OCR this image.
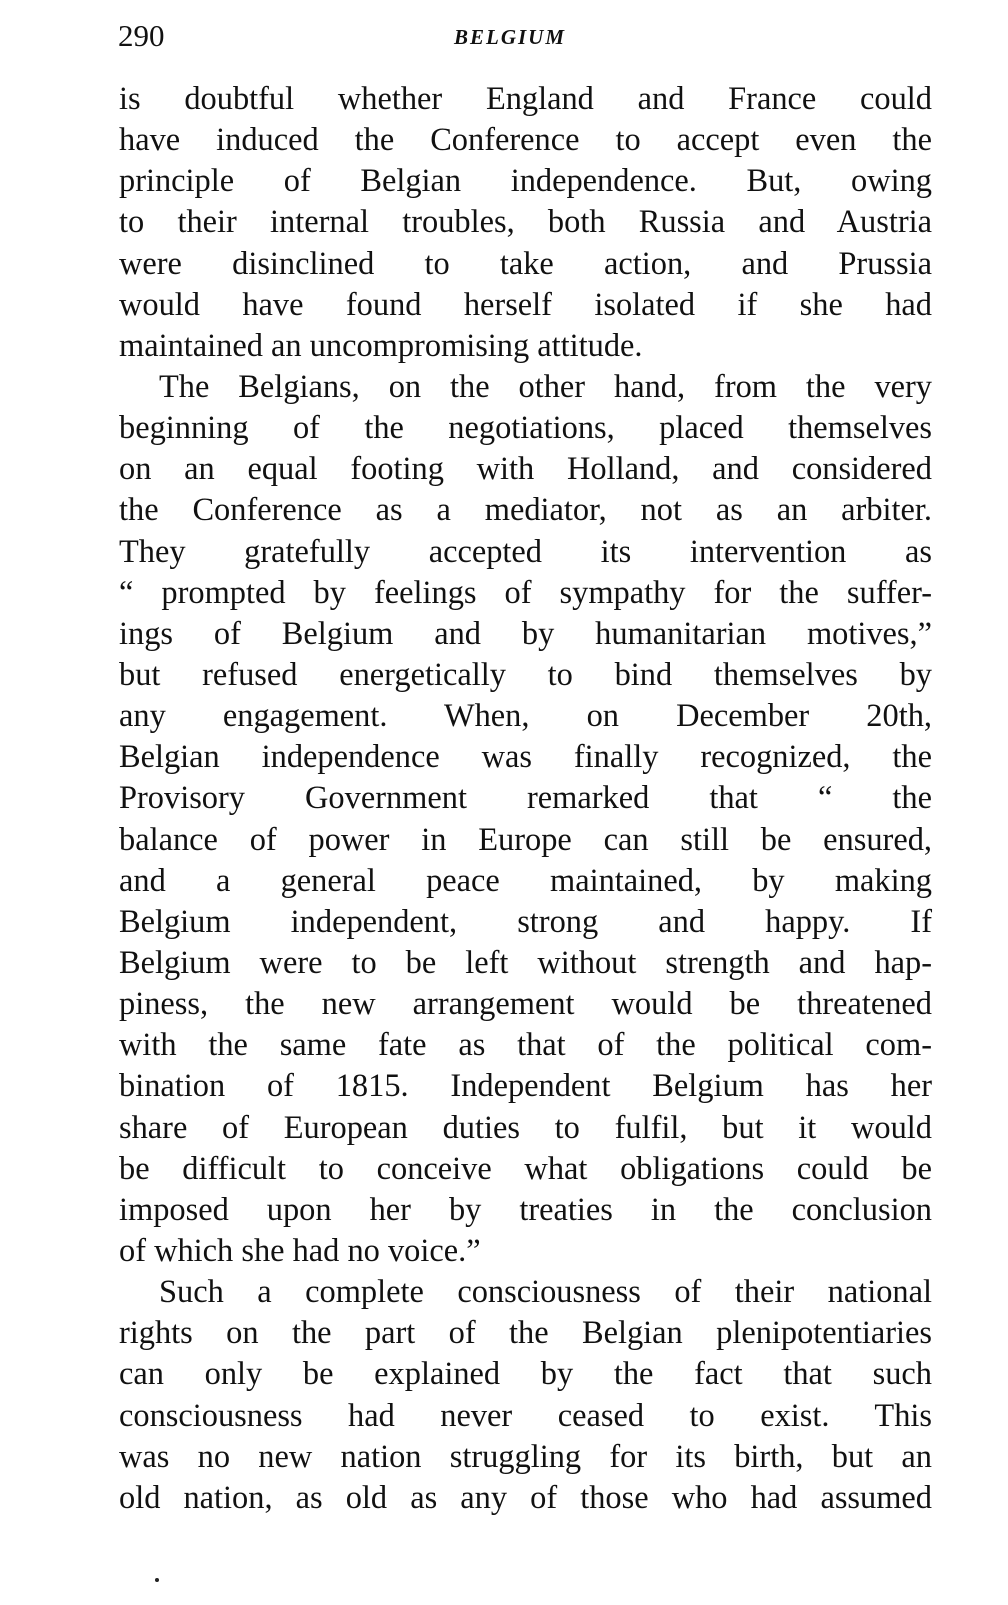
290	BELGIUM
is doubtful whether England and France could
have induced the Conference to accept even the
principle of Belgian independence. But, owing
to their internal troubles, both Russia and Austria
were disinclined to take action, and Prussia
would have found herself isolated if she had
maintained an uncompromising attitude.
The Belgians, on the other hand, from the very
beginning of the negotiations, placed themselves
on an equal footing with Holland, and considered
the Conference as a mediator, not as an arbiter.
They gratefully accepted its intervention as
“ prompted by feelings of sympathy for the suffer-
ings of Belgium and by humanitarian motives,”
but refused energetically to bind themselves by
any engagement. When, on December 20th,
Belgian independence was finally recognized, the
Provisory Government remarked that “ the
balance of power in Europe can still be ensured,
and a general peace maintained, by making
Belgium independent, strong and happy. If
Belgium were to be left without strength and hap-
piness, the new arrangement would be threatened
with the same fate as that of the political com-
bination of 1815. Independent Belgium has her
share of European duties to fulfil, but it would
be difficult to conceive what obligations could be
imposed upon her by treaties in the conclusion
of which she had no voice.”
Such a complete consciousness of their national
rights on the part of the Belgian plenipotentiaries
can only be explained by the fact that such
consciousness had never ceased to exist. This
was no new nation struggling for its birth, but an
old nation, as old as any of those who had assumed
